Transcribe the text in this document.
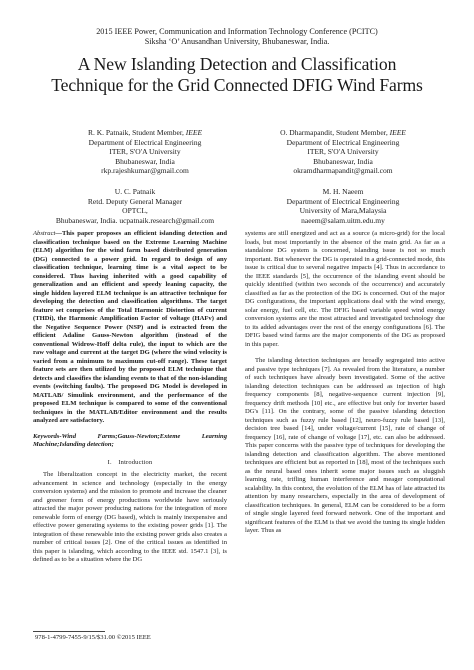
2015 IEEE Power, Communication and Information Technology Conference (PCITC)
Siksha ‘O’ Anusandhan University, Bhubaneswar, India.
A New Islanding Detection and Classification
Technique for the Grid Connected DFIG Wind Farms
R. K. Patnaik, Student Member, IEEE
Department of Electrical Engineering
ITER, S'O'A University
Bhubaneswar, India
rkp.rajeshkumar@gmail.com
O. Dharmapandit, Student Member, IEEE
Department of Electrical Engineering
ITER, S'O'A University
Bhubaneswar, India
okramdharmapandit@gmail.com
U. C. Patnaik
Retd. Deputy General Manager
OPTCL,
Bhubaneswar, India. ucpatnaik.research@gmail.com
M. H. Naeem
Department of Electrical Engineering
University of Mara,Malaysia
naeem@salam.uitm.edu.my

Abstract—This paper proposes an efficient islanding detection and classification technique based on the Extreme Learning Machine (ELM) algorithm for the wind farm based distributed generation (DG) connected to a power grid. In regard to design of any classification technique, learning time is a vital aspect to be considered. Thus having inherited with a good capability of generalization and an efficient and speedy leaning capacity, the single hidden layered ELM technique is an attractive technique for developing the detection and classification algorithms. The target feature set comprises of the Total Harmonic Distortion of current (THDi), the Harmonic Amplification Factor of voltage (HAFv) and the Negative Sequence Power (NSP) and is extracted from the efficient Adaline Gauss-Newton algorithm (instead of the conventional Widrow-Hoff delta rule), the input to which are the raw voltage and current at the target DG (where the wind velocity is varied from a minimum to maximum cut-off range). These target feature sets are then utilized by the proposed ELM technique that detects and classifies the islanding events to that of the non-islanding events (switching faults). The proposed DG Model is developed in MATLAB/ Simulink environment, and the performance of the proposed ELM technique is compared to some of the conventional techniques in the MATLAB/Editor environment and the results analyzed are satisfactory.

Keywords-Wind Farms;Gauss-Newton;Exteme Learning Machine;Islanding detection;

I. Introduction

The liberalization concept in the electricity market, the recent advancement in science and technology (especially in the energy conversion systems) and the mission to promote and increase the cleaner and greener form of energy productions worldwide have seriously attracted the major power producing nations for the integration of more renewable form of energy (DG based), which is mainly inexpensive and effective power generating systems to the existing power grids [1]. The integration of these renewable into the existing power grids also creates a number of critical issues [2]. One of the critical issues as identified in this paper is islanding, which according to the IEEE std. 1547.1 [3], is defined as to be a situation where the DG

systems are still energized and act as a source (a micro-grid) for the local loads, but most importantly in the absence of the main grid. As far as a standalone DG system is concerned, islanding issue is not so much important. But whenever the DG is operated in a grid-connected mode, this issue is critical due to several negative impacts [4]. Thus in accordance to the IEEE standards [5], the occurrence of the islanding event should be quickly identified (within two seconds of the occurrence) and accurately classified as far as the protection of the DG is concerned. Out of the major DG configurations, the important applications deal with the wind energy, solar energy, fuel cell, etc. The DFIG based variable speed wind energy conversion systems are the most attracted and investigated technology due to its added advantages over the rest of the energy configurations [6]. The DFIG based wind farms are the major components of the DG as proposed in this paper.

The islanding detection techniques are broadly segregated into active and passive type techniques [7]. As revealed from the literature, a number of such techniques have already been investigated. Some of the active islanding detection techniques can be addressed as injection of high frequency components [8], negative-sequence current injection [9], frequency drift methods [10] etc., are effective but only for inverter based DG's [11]. On the contrary, some of the passive islanding detection techniques such as fuzzy rule based [12], neuro-fuzzy rule based [13], decision tree based [14], under voltage/current [15], rate of change of frequency [16], rate of change of voltage [17], etc. can also be addressed. This paper concerns with the passive type of techniques for developing the islanding detection and classification algorithm. The above mentioned techniques are efficient but as reported in [18], most of the techniques such as the neural based ones inherit some major issues such as sluggish learning rate, trifling human interference and meager computational scalability. In this context, the evolution of the ELM has of late attracted its attention by many researchers, especially in the area of development of classification techniques. In general, ELM can be considered to be a form of single single layered feed forward network. One of the important and significant features of the ELM is that we avoid the tuning its single hidden layer. Thus as

978-1-4799-7455-9/15/$31.00 ©2015 IEEE
